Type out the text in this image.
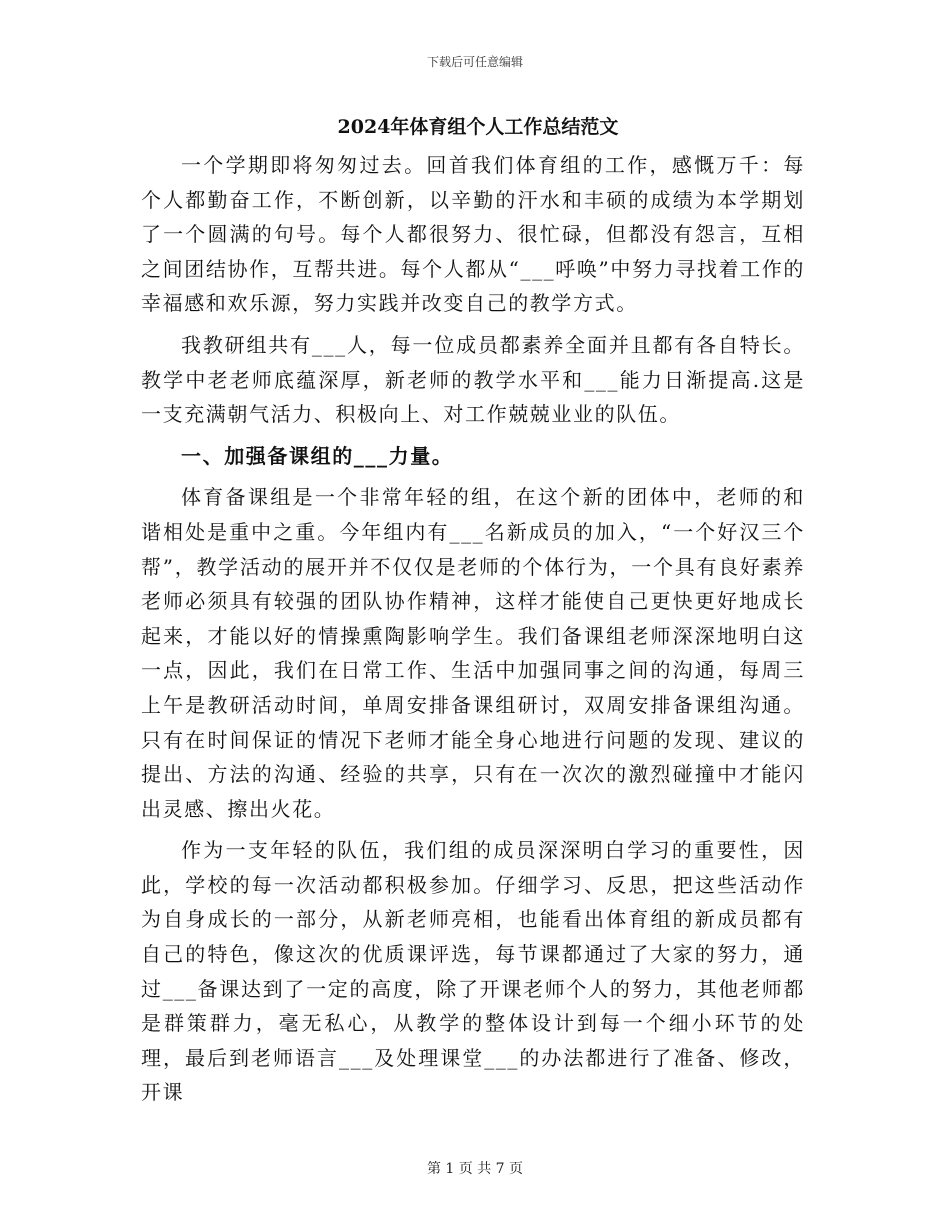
下载后可任意编辑
2024年体育组个人工作总结范文

一个学期即将匆匆过去。回首我们体育组的工作，感慨万千：每个人都勤奋工作，不断创新，以辛勤的汗水和丰硕的成绩为本学期划了一个圆满的句号。每个人都很努力、很忙碌，但都没有怨言，互相之间团结协作，互帮共进。每个人都从“___呼唤”中努力寻找着工作的幸福感和欢乐源，努力实践并改变自己的教学方式。

我教研组共有___人，每一位成员都素养全面并且都有各自特长。教学中老老师底蕴深厚，新老师的教学水平和___能力日渐提高.这是一支充满朝气活力、积极向上、对工作兢兢业业的队伍。

一、加强备课组的___力量。

体育备课组是一个非常年轻的组，在这个新的团体中，老师的和谐相处是重中之重。今年组内有___名新成员的加入，“一个好汉三个帮”，教学活动的展开并不仅仅是老师的个体行为，一个具有良好素养老师必须具有较强的团队协作精神，这样才能使自己更快更好地成长起来，才能以好的情操熏陶影响学生。我们备课组老师深深地明白这一点，因此，我们在日常工作、生活中加强同事之间的沟通，每周三上午是教研活动时间，单周安排备课组研讨，双周安排备课组沟通。只有在时间保证的情况下老师才能全身心地进行问题的发现、建议的提出、方法的沟通、经验的共享，只有在一次次的激烈碰撞中才能闪出灵感、擦出火花。

作为一支年轻的队伍，我们组的成员深深明白学习的重要性，因此，学校的每一次活动都积极参加。仔细学习、反思，把这些活动作为自身成长的一部分，从新老师亮相，也能看出体育组的新成员都有自己的特色，像这次的优质课评选，每节课都通过了大家的努力，通过___备课达到了一定的高度，除了开课老师个人的努力，其他老师都是群策群力，毫无私心，从教学的整体设计到每一个细小环节的处理，最后到老师语言___及处理课堂___的办法都进行了准备、修改，开课

第 1 页 共 7 页
